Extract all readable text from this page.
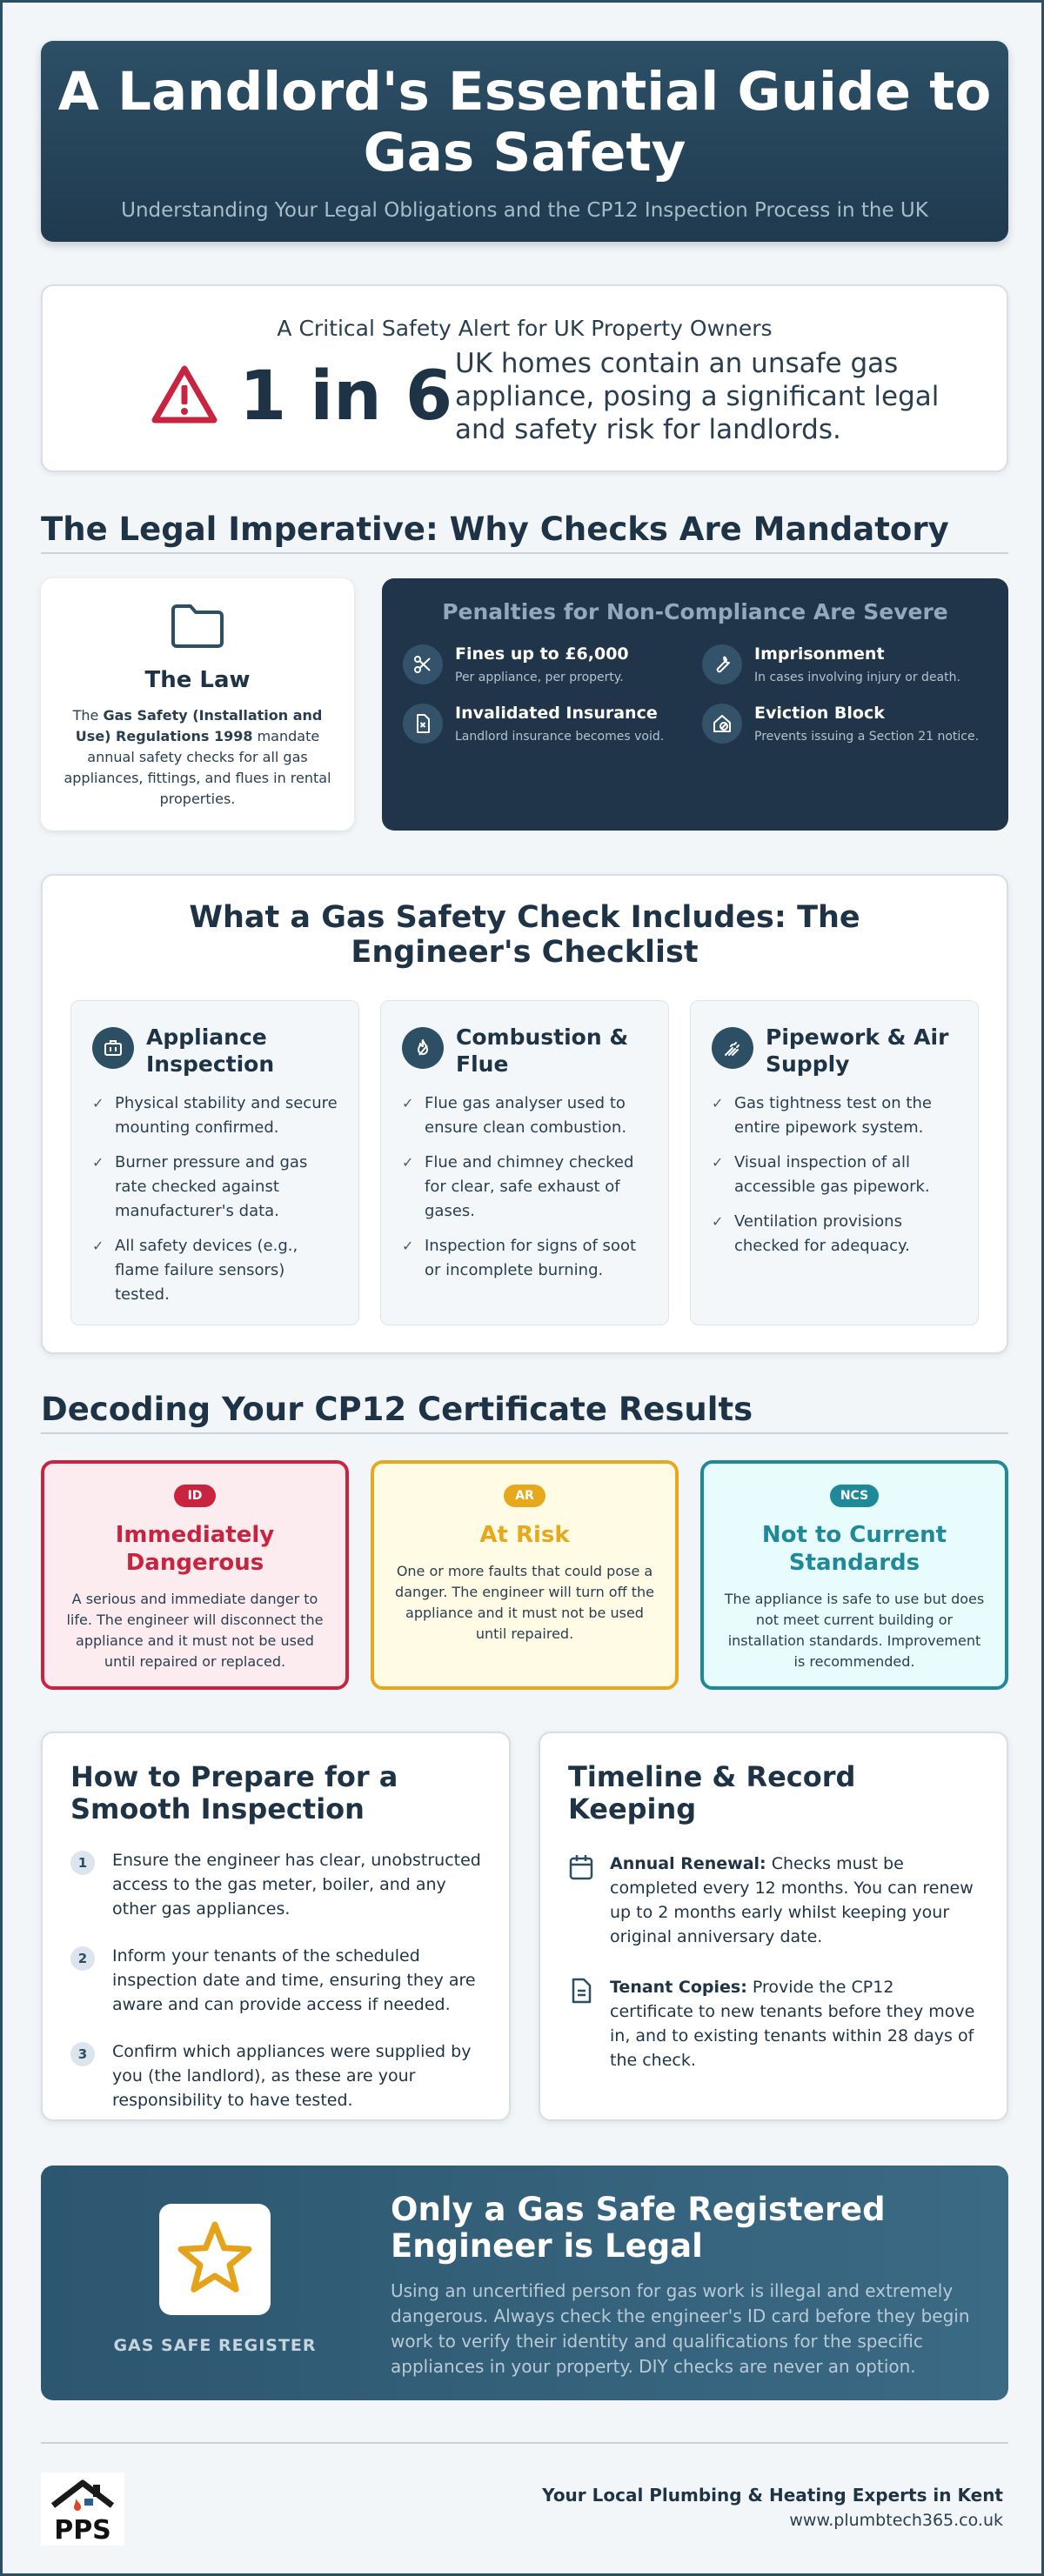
A Landlord's Essential Guide to Gas Safety

Understanding Your Legal Obligations and the CP12 Inspection Process in the UK

A Critical Safety Alert for UK Property Owners
1 in 6 UK homes contain an unsafe gas appliance, posing a significant legal and safety risk for landlords.
The Legal Imperative: Why Checks Are Mandatory
The Law

The Gas Safety (Installation and Use) Regulations 1998 mandate annual safety checks for all gas appliances, fittings, and flues in rental properties.

Penalties for Non-Compliance Are Severe
Fines up to £6,000
Per appliance, per property.
Imprisonment
In cases involving injury or death.
Invalidated Insurance
Landlord insurance becomes void.
Eviction Block
Prevents issuing a Section 21 notice.
What a Gas Safety Check Includes: The Engineer's Checklist
Appliance Inspection
✓ Physical stability and secure mounting confirmed.
✓ Burner pressure and gas rate checked against manufacturer's data.
✓ All safety devices (e.g., flame failure sensors) tested.
Combustion & Flue
✓ Flue gas analyser used to ensure clean combustion.
✓ Flue and chimney checked for clear, safe exhaust of gases.
✓ Inspection for signs of soot or incomplete burning.
Pipework & Air Supply
✓ Gas tightness test on the entire pipework system.
✓ Visual inspection of all accessible gas pipework.
✓ Ventilation provisions checked for adequacy.
Decoding Your CP12 Certificate Results
ID
Immediately Dangerous

A serious and immediate danger to life. The engineer will disconnect the appliance and it must not be used until repaired or replaced.

AR
At Risk

One or more faults that could pose a danger. The engineer will turn off the appliance and it must not be used until repaired.

NCS
Not to Current Standards

The appliance is safe to use but does not meet current building or installation standards. Improvement is recommended.

How to Prepare for a Smooth Inspection
1	Ensure the engineer has clear, unobstructed access to the gas meter, boiler, and any other gas appliances.
2	Inform your tenants of the scheduled inspection date and time, ensuring they are aware and can provide access if needed.
3	Confirm which appliances were supplied by you (the landlord), as these are your responsibility to have tested.
Timeline & Record Keeping
Annual Renewal: Checks must be completed every 12 months. You can renew up to 2 months early whilst keeping your original anniversary date.
Tenant Copies: Provide the CP12 certificate to new tenants before they move in, and to existing tenants within 28 days of the check.
GAS SAFE REGISTER
Only a Gas Safe Registered Engineer is Legal

Using an uncertified person for gas work is illegal and extremely dangerous. Always check the engineer's ID card before they begin work to verify their identity and qualifications for the specific appliances in your property. DIY checks are never an option.

PPS
Your Local Plumbing & Heating Experts in Kent
www.plumbtech365.co.uk
